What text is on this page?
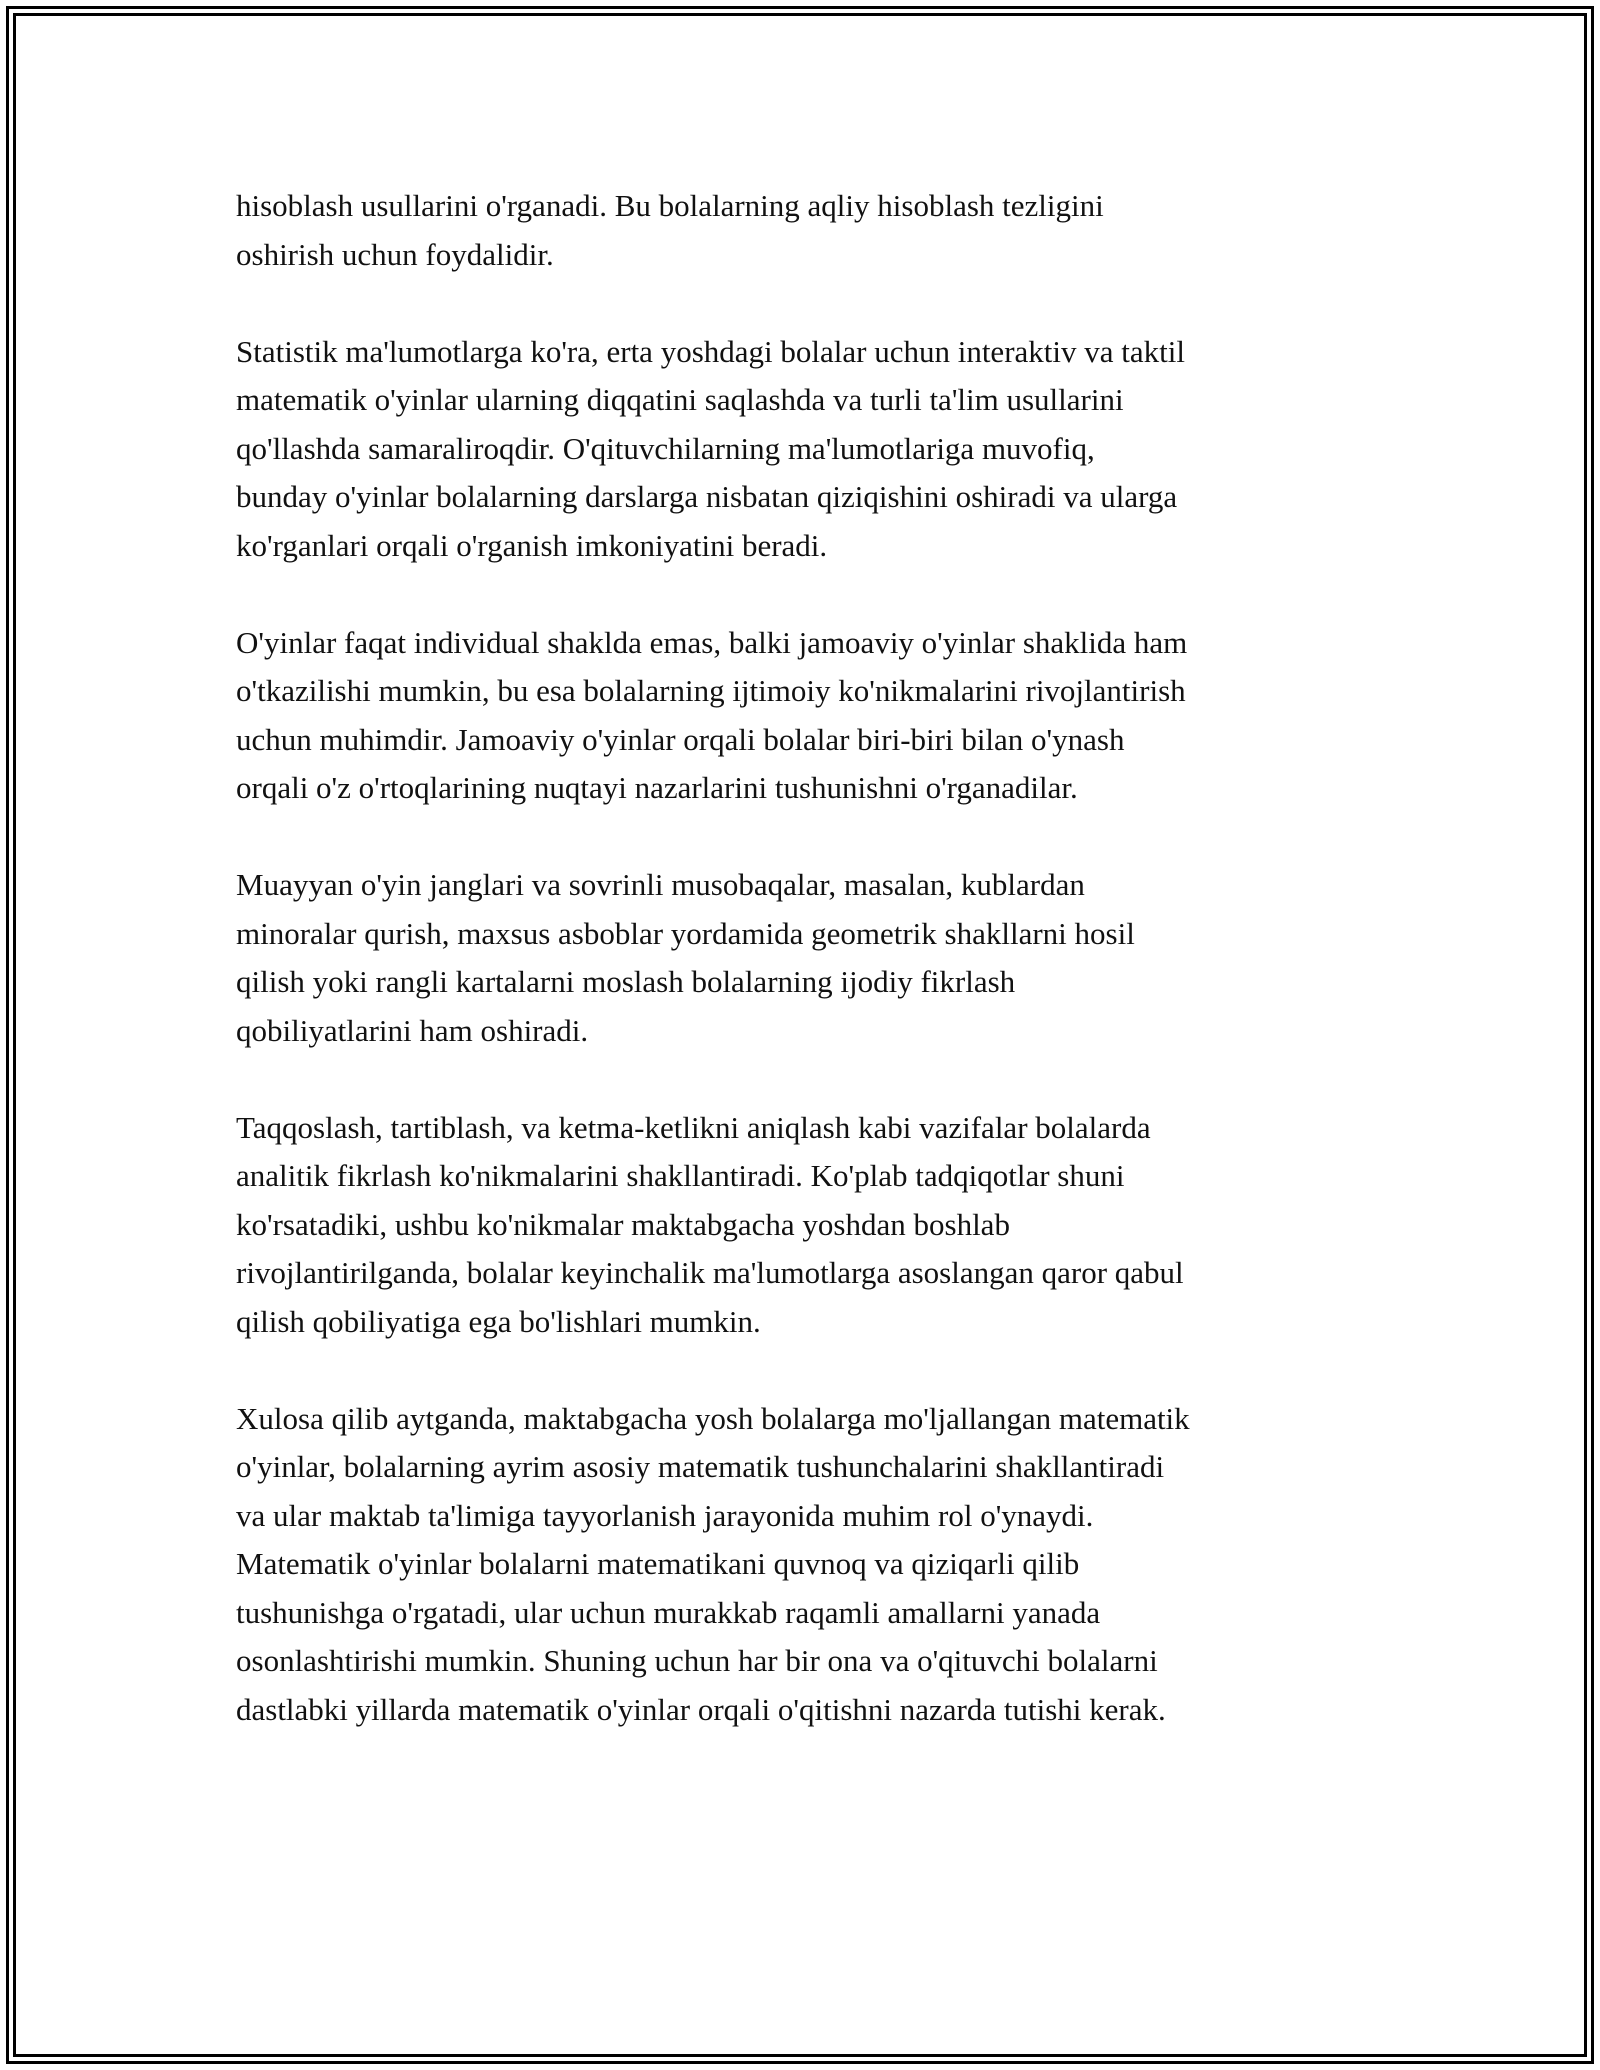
hisoblash usullarini o'rganadi. Bu bolalarning aqliy hisoblash tezligini
oshirish uchun foydalidir.

Statistik ma'lumotlarga ko'ra, erta yoshdagi bolalar uchun interaktiv va taktil
matematik o'yinlar ularning diqqatini saqlashda va turli ta'lim usullarini
qo'llashda samaraliroqdir. O'qituvchilarning ma'lumotlariga muvofiq,
bunday o'yinlar bolalarning darslarga nisbatan qiziqishini oshiradi va ularga
ko'rganlari orqali o'rganish imkoniyatini beradi.

O'yinlar faqat individual shaklda emas, balki jamoaviy o'yinlar shaklida ham
o'tkazilishi mumkin, bu esa bolalarning ijtimoiy ko'nikmalarini rivojlantirish
uchun muhimdir. Jamoaviy o'yinlar orqali bolalar biri-biri bilan o'ynash
orqali o'z o'rtoqlarining nuqtayi nazarlarini tushunishni o'rganadilar.

Muayyan o'yin janglari va sovrinli musobaqalar, masalan, kublardan
minoralar qurish, maxsus asboblar yordamida geometrik shakllarni hosil
qilish yoki rangli kartalarni moslash bolalarning ijodiy fikrlash
qobiliyatlarini ham oshiradi.

Taqqoslash, tartiblash, va ketma-ketlikni aniqlash kabi vazifalar bolalarda
analitik fikrlash ko'nikmalarini shakllantiradi. Ko'plab tadqiqotlar shuni
ko'rsatadiki, ushbu ko'nikmalar maktabgacha yoshdan boshlab
rivojlantirilganda, bolalar keyinchalik ma'lumotlarga asoslangan qaror qabul
qilish qobiliyatiga ega bo'lishlari mumkin.

Xulosa qilib aytganda, maktabgacha yosh bolalarga mo'ljallangan matematik
o'yinlar, bolalarning ayrim asosiy matematik tushunchalarini shakllantiradi
va ular maktab ta'limiga tayyorlanish jarayonida muhim rol o'ynaydi.
Matematik o'yinlar bolalarni matematikani quvnoq va qiziqarli qilib
tushunishga o'rgatadi, ular uchun murakkab raqamli amallarni yanada
osonlashtirishi mumkin. Shuning uchun har bir ona va o'qituvchi bolalarni
dastlabki yillarda matematik o'yinlar orqali o'qitishni nazarda tutishi kerak.
